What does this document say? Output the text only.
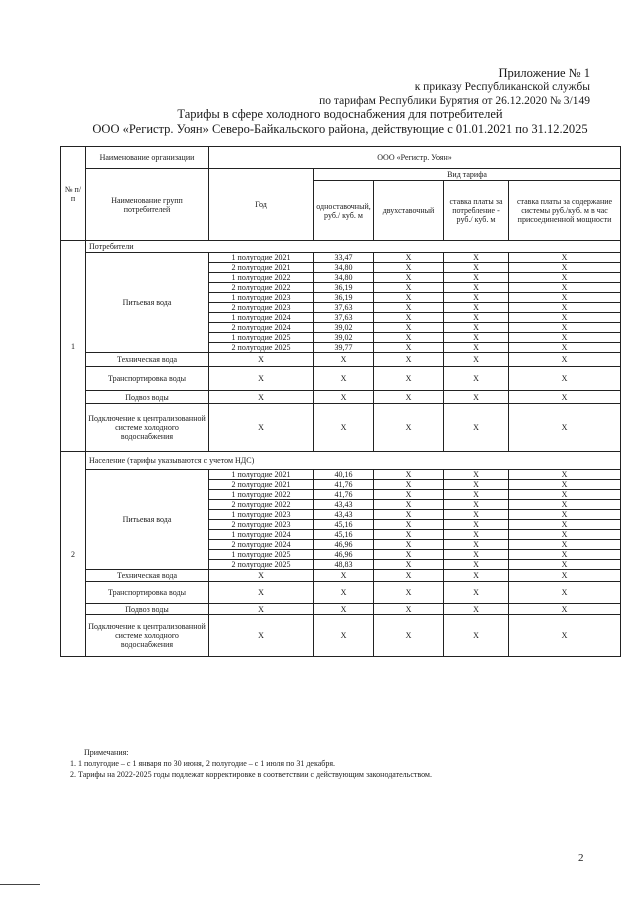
Приложение № 1
к приказу Республиканской службы
по тарифам Республики Бурятия от 26.12.2020 № 3/149
Тарифы в сфере холодного водоснабжения для потребителей
ООО «Регистр. Уоян» Северо-Байкальского района, действующие с 01.01.2021 по 31.12.2025
№ п/п	Наименование организации	ООО «Регистр. Уоян»					
	Наименование групп потребителей	Год	Вид тарифа				
			одноставочный, руб./ куб. м	двухставочный	ставка платы за потребление - руб./ куб. м	ставка платы за содержание системы руб./куб. м в час присоединенной мощности	
1	Потребители						
	Питьевая вода	1 полугодие 2021	33,47	Х	Х	Х	
		2 полугодие 2021	34,80	Х	Х	Х	
		1 полугодие 2022	34,80	Х	Х	Х	
		2 полугодие 2022	36,19	Х	Х	Х	
		1 полугодие 2023	36,19	Х	Х	Х	
		2 полугодие 2023	37,63	Х	Х	Х	
		1 полугодие 2024	37,63	Х	Х	Х	
		2 полугодие 2024	39,02	Х	Х	Х	
		1 полугодие 2025	39,02	Х	Х	Х	
		2 полугодие 2025	39,77	Х	Х	Х	
	Техническая вода	Х	Х	Х	Х	Х	
	Транспортировка воды	Х	Х	Х	Х	Х	
	Подвоз воды	Х	Х	Х	Х	Х	
	Подключение к централизованной системе холодного водоснабжения	Х	Х	Х	Х	Х	
2	Население (тарифы указываются с учетом НДС)						
	Питьевая вода	1 полугодие 2021	40,16	Х	Х	Х	
		2 полугодие 2021	41,76	Х	Х	Х	
		1 полугодие 2022	41,76	Х	Х	Х	
		2 полугодие 2022	43,43	Х	Х	Х	
		1 полугодие 2023	43,43	Х	Х	Х	
		2 полугодие 2023	45,16	Х	Х	Х	
		1 полугодие 2024	45,16	Х	Х	Х	
		2 полугодие 2024	46,96	Х	Х	Х	
		1 полугодие 2025	46,96	Х	Х	Х	
		2 полугодие 2025	48,83	Х	Х	Х	
	Техническая вода	Х	Х	Х	Х	Х	
	Транспортировка воды	Х	Х	Х	Х	Х	
	Подвоз воды	Х	Х	Х	Х	Х	
	Подключение к централизованной системе холодного водоснабжения	Х	Х	Х	Х	Х	
Примечания:
1. 1 полугодие – с 1 января по 30 июня, 2 полугодие – с 1 июля по 31 декабря.
2. Тарифы на 2022-2025 годы подлежат корректировке в соответствии с действующим законодательством.
2
